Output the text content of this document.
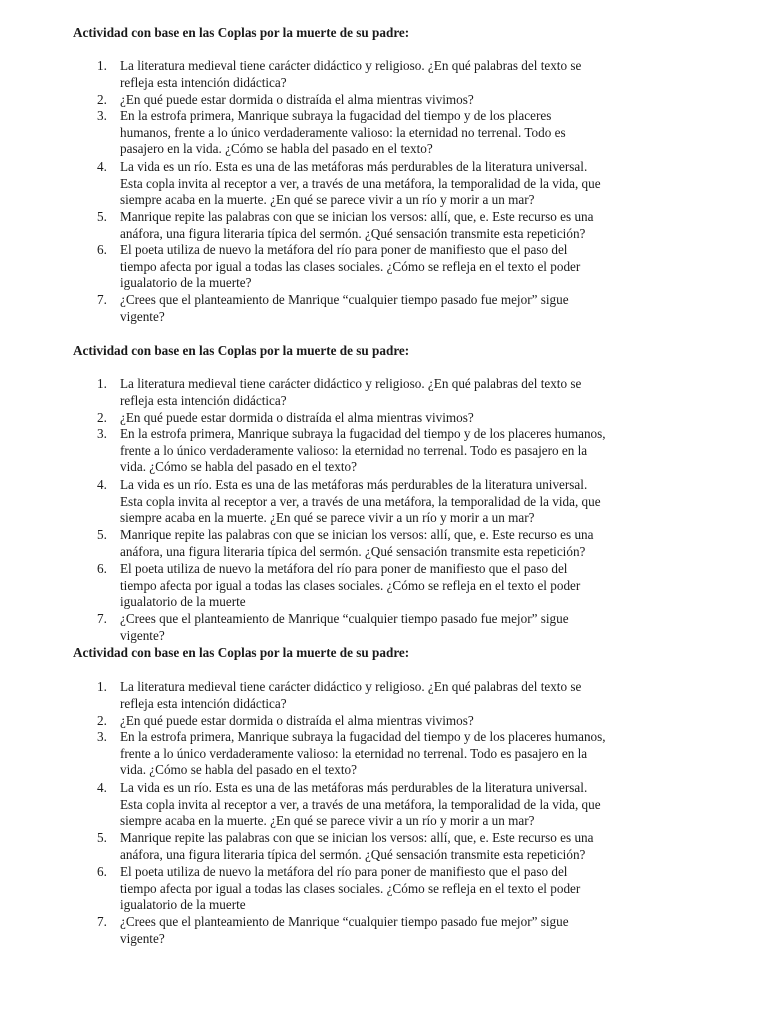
Actividad con base en las Coplas por la muerte de su padre:
1. La literatura medieval tiene carácter didáctico y religioso. ¿En qué palabras del texto se
refleja esta intención didáctica?
2. ¿En qué puede estar dormida o distraída el alma mientras vivimos?
3. En la estrofa primera, Manrique subraya la fugacidad del tiempo y de los placeres
humanos, frente a lo único verdaderamente valioso: la eternidad no terrenal. Todo es
pasajero en la vida. ¿Cómo se habla del pasado en el texto?
4. La vida es un río. Esta es una de las metáforas más perdurables de la literatura universal.
Esta copla invita al receptor a ver, a través de una metáfora, la temporalidad de la vida, que
siempre acaba en la muerte. ¿En qué se parece vivir a un río y morir a un mar?
5. Manrique repite las palabras con que se inician los versos: allí, que, e. Este recurso es una
anáfora, una figura literaria típica del sermón. ¿Qué sensación transmite esta repetición?
6. El poeta utiliza de nuevo la metáfora del río para poner de manifiesto que el paso del
tiempo afecta por igual a todas las clases sociales. ¿Cómo se refleja en el texto el poder
igualatorio de la muerte?
7. ¿Crees que el planteamiento de Manrique “cualquier tiempo pasado fue mejor” sigue
vigente?
Actividad con base en las Coplas por la muerte de su padre:
1. La literatura medieval tiene carácter didáctico y religioso. ¿En qué palabras del texto se
refleja esta intención didáctica?
2. ¿En qué puede estar dormida o distraída el alma mientras vivimos?
3. En la estrofa primera, Manrique subraya la fugacidad del tiempo y de los placeres humanos,
frente a lo único verdaderamente valioso: la eternidad no terrenal. Todo es pasajero en la
vida. ¿Cómo se habla del pasado en el texto?
4. La vida es un río. Esta es una de las metáforas más perdurables de la literatura universal.
Esta copla invita al receptor a ver, a través de una metáfora, la temporalidad de la vida, que
siempre acaba en la muerte. ¿En qué se parece vivir a un río y morir a un mar?
5. Manrique repite las palabras con que se inician los versos: allí, que, e. Este recurso es una
anáfora, una figura literaria típica del sermón. ¿Qué sensación transmite esta repetición?
6. El poeta utiliza de nuevo la metáfora del río para poner de manifiesto que el paso del
tiempo afecta por igual a todas las clases sociales. ¿Cómo se refleja en el texto el poder
igualatorio de la muerte
7. ¿Crees que el planteamiento de Manrique “cualquier tiempo pasado fue mejor” sigue
vigente?
Actividad con base en las Coplas por la muerte de su padre:
1. La literatura medieval tiene carácter didáctico y religioso. ¿En qué palabras del texto se
refleja esta intención didáctica?
2. ¿En qué puede estar dormida o distraída el alma mientras vivimos?
3. En la estrofa primera, Manrique subraya la fugacidad del tiempo y de los placeres humanos,
frente a lo único verdaderamente valioso: la eternidad no terrenal. Todo es pasajero en la
vida. ¿Cómo se habla del pasado en el texto?
4. La vida es un río. Esta es una de las metáforas más perdurables de la literatura universal.
Esta copla invita al receptor a ver, a través de una metáfora, la temporalidad de la vida, que
siempre acaba en la muerte. ¿En qué se parece vivir a un río y morir a un mar?
5. Manrique repite las palabras con que se inician los versos: allí, que, e. Este recurso es una
anáfora, una figura literaria típica del sermón. ¿Qué sensación transmite esta repetición?
6. El poeta utiliza de nuevo la metáfora del río para poner de manifiesto que el paso del
tiempo afecta por igual a todas las clases sociales. ¿Cómo se refleja en el texto el poder
igualatorio de la muerte
7. ¿Crees que el planteamiento de Manrique “cualquier tiempo pasado fue mejor” sigue
vigente?
